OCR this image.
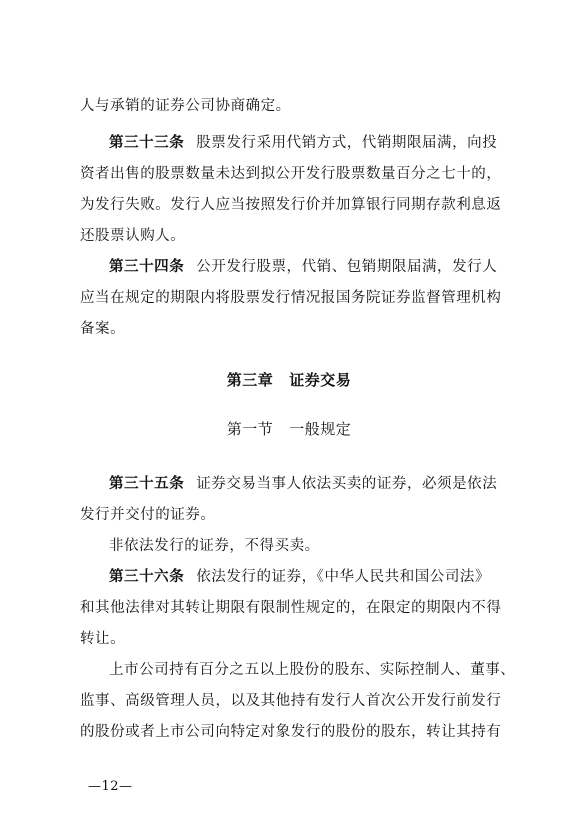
人与承销的证券公司协商确定。
第三十三条 股票发行采用代销方式，代销期限届满，向投
资者出售的股票数量未达到拟公开发行股票数量百分之七十的，
为发行失败。发行人应当按照发行价并加算银行同期存款利息返
还股票认购人。
第三十四条 公开发行股票，代销、包销期限届满，发行人
应当在规定的期限内将股票发行情况报国务院证券监督管理机构
备案。
第三章 证券交易
第一节 一般规定
第三十五条 证券交易当事人依法买卖的证券，必须是依法
发行并交付的证券。
非依法发行的证券，不得买卖。
第三十六条 依法发行的证券，《中华人民共和国公司法》
和其他法律对其转让期限有限制性规定的，在限定的期限内不得
转让。
上市公司持有百分之五以上股份的股东、实际控制人、董事、
监事、高级管理人员，以及其他持有发行人首次公开发行前发行
的股份或者上市公司向特定对象发行的股份的股东，转让其持有
—12—
